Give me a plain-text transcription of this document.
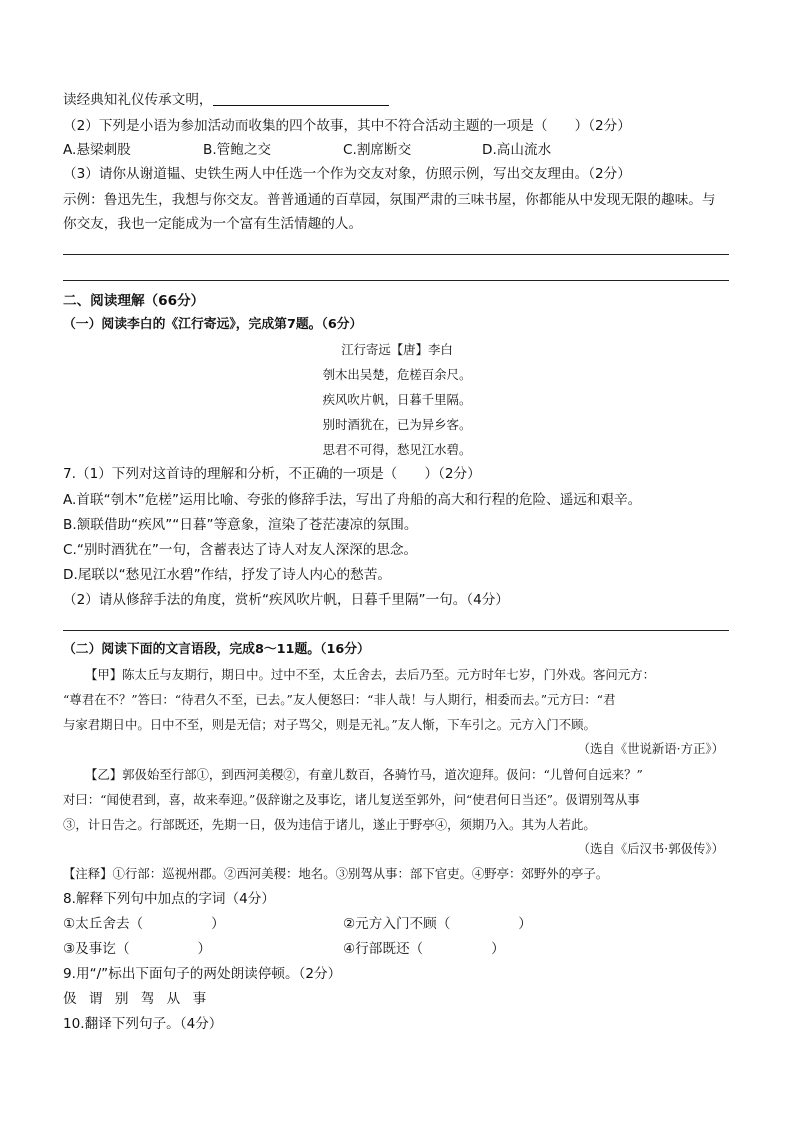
读经典知礼仪传承文明，
（2）下列是小语为参加活动而收集的四个故事，其中不符合活动主题的一项是（　　）（2分）
A.悬梁刺股	B.管鲍之交	C.割席断交	D.高山流水
（3）请你从谢道韫、史铁生两人中任选一个作为交友对象，仿照示例，写出交友理由。（2分）
示例：鲁迅先生，我想与你交友。普普通通的百草园，氛围严肃的三味书屋，你都能从中发现无限的趣味。与
你交友，我也一定能成为一个富有生活情趣的人。
二、阅读理解（66分）
（一）阅读李白的《江行寄远》，完成第7题。（6分）
江行寄远【唐】李白
刳木出吴楚，危槎百余尺。
疾风吹片帆，日暮千里隔。
别时酒犹在，已为异乡客。
思君不可得，愁见江水碧。
7.（1）下列对这首诗的理解和分析，不正确的一项是（　　）（2分）
A.首联“刳木”危槎”运用比喻、夸张的修辞手法，写出了舟船的高大和行程的危险、遥远和艰辛。
B.颔联借助“疾风”“日暮”等意象，渲染了苍茫凄凉的氛围。
C.“别时酒犹在”一句，含蓄表达了诗人对友人深深的思念。
D.尾联以“愁见江水碧”作结，抒发了诗人内心的愁苦。
（2）请从修辞手法的角度，赏析“疾风吹片帆，日暮千里隔”一句。（4分）
（二）阅读下面的文言语段，完成8～11题。（16分）
【甲】陈太丘与友期行，期日中。过中不至，太丘舍去，去后乃至。元方时年七岁，门外戏。客问元方：
“尊君在不？”答曰：“待君久不至，已去。”友人便怒曰：“非人哉！与人期行，相委而去。”元方曰：“君
与家君期日中。日中不至，则是无信；对子骂父，则是无礼。”友人惭，下车引之。元方入门不顾。
（选自《世说新语·方正》）
【乙】郭伋始至行部①，到西河美稷②，有童儿数百，各骑竹马，道次迎拜。伋问：“儿曾何自远来？”
对曰：“闻使君到，喜，故来奉迎。”伋辞谢之及事讫，诸儿复送至郭外，问“使君何日当还”。伋谓别驾从事
③，计日告之。行部既还，先期一日，伋为违信于诸儿，遂止于野亭④，须期乃入。其为人若此。
（选自《后汉书·郭伋传》）
【注释】①行部：巡视州郡。②西河美稷：地名。③别驾从事：部下官吏。④野亭：郊野外的亭子。
8.解释下列句中加点的字词（4分）
①太丘舍去（　　　　　）	②元方入门不顾（　　　　　）
③及事讫（　　　　　）	④行部既还（　　　　　）
9.用“/”标出下面句子的两处朗读停顿。（2分）
伋 谓 别 驾 从 事
10.翻译下列句子。（4分）
